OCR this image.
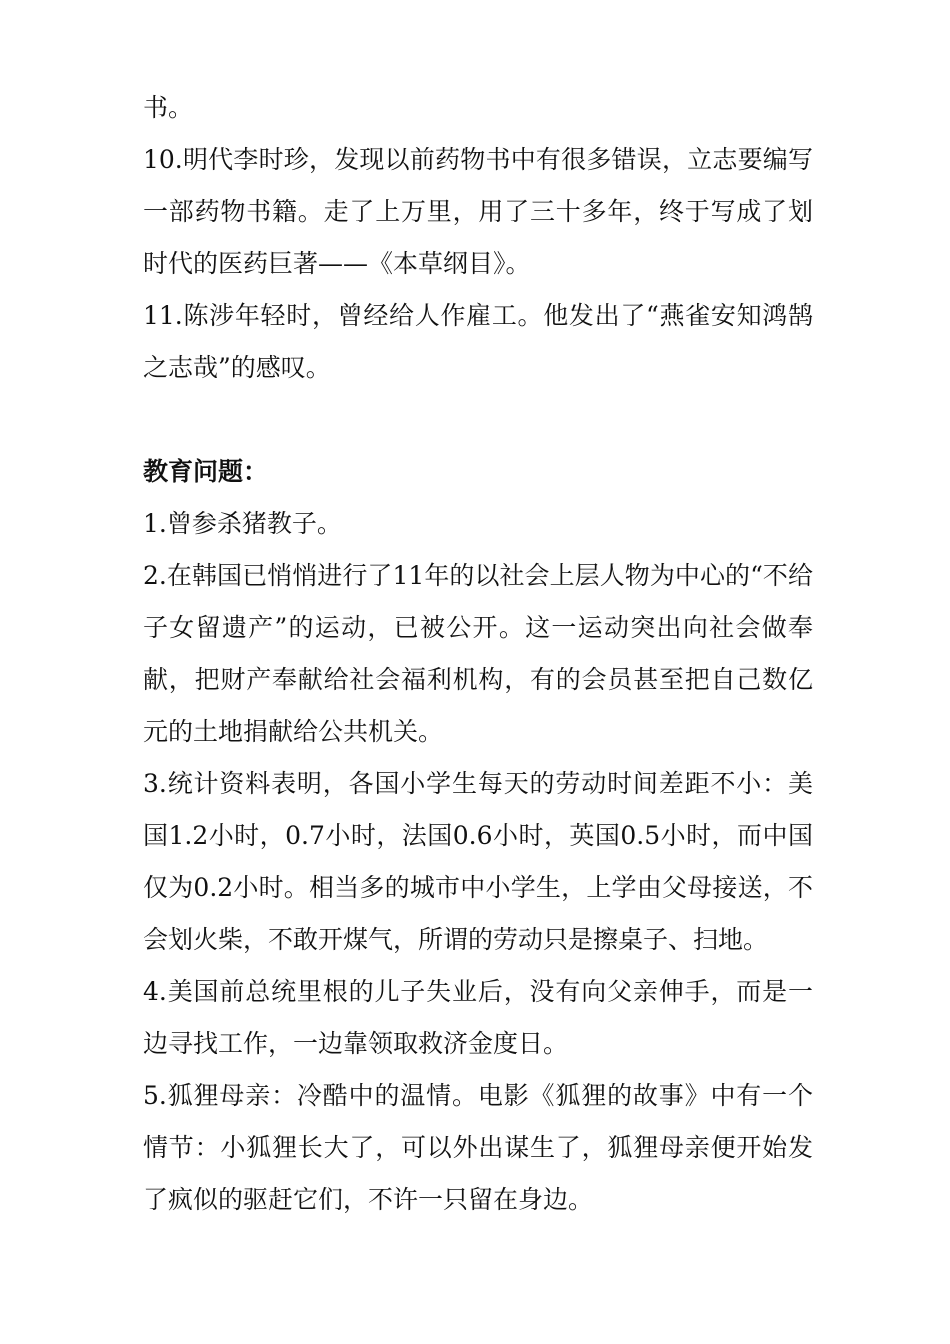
书。

10.明代李时珍，发现以前药物书中有很多错误，立志要编写一部药物书籍。走了上万里，用了三十多年，终于写成了划时代的医药巨著——《本草纲目》。

11.陈涉年轻时，曾经给人作雇工。他发出了“燕雀安知鸿鹄之志哉”的感叹。

教育问题：

1.曾参杀猪教子。

2.在韩国已悄悄进行了11年的以社会上层人物为中心的“不给子女留遗产”的运动，已被公开。这一运动突出向社会做奉献，把财产奉献给社会福利机构，有的会员甚至把自己数亿元的土地捐献给公共机关。

3.统计资料表明，各国小学生每天的劳动时间差距不小：美国1.2小时，0.7小时，法国0.6小时，英国0.5小时，而中国仅为0.2小时。相当多的城市中小学生，上学由父母接送，不会划火柴，不敢开煤气，所谓的劳动只是擦桌子、扫地。

4.美国前总统里根的儿子失业后，没有向父亲伸手，而是一边寻找工作，一边靠领取救济金度日。

5.狐狸母亲：冷酷中的温情。电影《狐狸的故事》中有一个情节：小狐狸长大了，可以外出谋生了，狐狸母亲便开始发了疯似的驱赶它们，不许一只留在身边。
